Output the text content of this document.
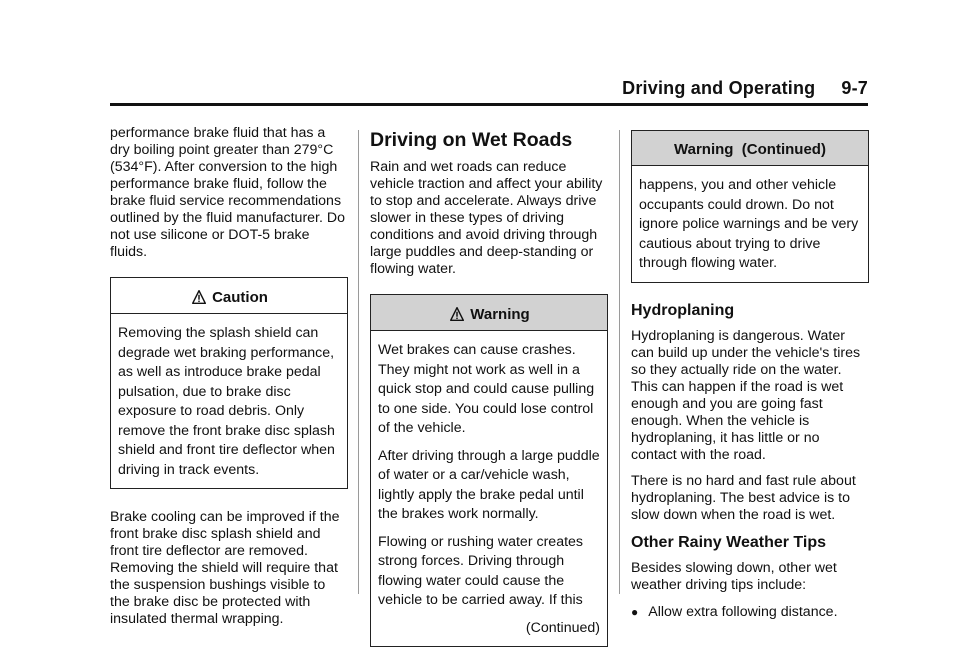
Driving and Operating 9-7

performance brake fluid that has a dry boiling point greater than 279°C (534°F). After conversion to the high performance brake fluid, follow the brake fluid service recommendations outlined by the fluid manufacturer. Do not use silicone or DOT-5 brake fluids.

Caution

Removing the splash shield can degrade wet braking performance, as well as introduce brake pedal pulsation, due to brake disc exposure to road debris. Only remove the front brake disc splash shield and front tire deflector when driving in track events.

Brake cooling can be improved if the front brake disc splash shield and front tire deflector are removed. Removing the shield will require that the suspension bushings visible to the brake disc be protected with insulated thermal wrapping.

Driving on Wet Roads

Rain and wet roads can reduce vehicle traction and affect your ability to stop and accelerate. Always drive slower in these types of driving conditions and avoid driving through large puddles and deep-standing or flowing water.

Warning

Wet brakes can cause crashes. They might not work as well in a quick stop and could cause pulling to one side. You could lose control of the vehicle.

After driving through a large puddle of water or a car/vehicle wash, lightly apply the brake pedal until the brakes work normally.

Flowing or rushing water creates strong forces. Driving through flowing water could cause the vehicle to be carried away. If this

(Continued)

Warning  (Continued)

happens, you and other vehicle occupants could drown. Do not ignore police warnings and be very cautious about trying to drive through flowing water.

Hydroplaning

Hydroplaning is dangerous. Water can build up under the vehicle's tires so they actually ride on the water. This can happen if the road is wet enough and you are going fast enough. When the vehicle is hydroplaning, it has little or no contact with the road.

There is no hard and fast rule about hydroplaning. The best advice is to slow down when the road is wet.

Other Rainy Weather Tips

Besides slowing down, other wet weather driving tips include:

● Allow extra following distance.
